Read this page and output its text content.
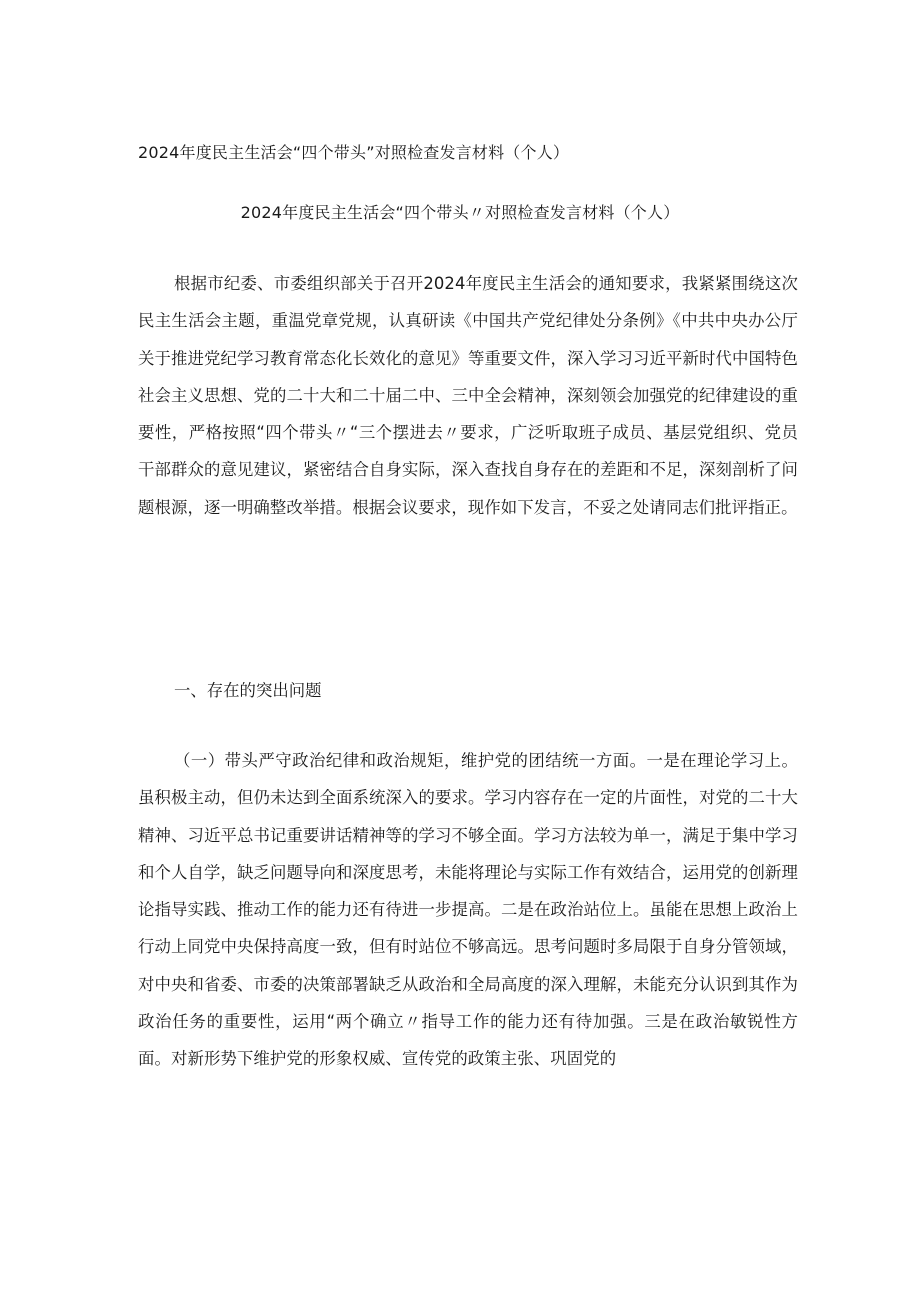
2024年度民主生活会“四个带头”对照检查发言材料（个人）
2024年度民主生活会“四个带头〃对照检查发言材料（个人）

根据市纪委、市委组织部关于召开2024年度民主生活会的通知要求，我紧紧围绕这次民主生活会主题，重温党章党规，认真研读《中国共产党纪律处分条例》《中共中央办公厅关于推进党纪学习教育常态化长效化的意见》等重要文件，深入学习习近平新时代中国特色社会主义思想、党的二十大和二十届二中、三中全会精神，深刻领会加强党的纪律建设的重要性，严格按照“四个带头〃“三个摆进去〃要求，广泛听取班子成员、基层党组织、党员干部群众的意见建议，紧密结合自身实际，深入查找自身存在的差距和不足，深刻剖析了问题根源，逐一明确整改举措。根据会议要求，现作如下发言，不妥之处请同志们批评指正。

一、存在的突出问题

（一）带头严守政治纪律和政治规矩，维护党的团结统一方面。一是在理论学习上。虽积极主动，但仍未达到全面系统深入的要求。学习内容存在一定的片面性，对党的二十大精神、习近平总书记重要讲话精神等的学习不够全面。学习方法较为单一，满足于集中学习和个人自学，缺乏问题导向和深度思考，未能将理论与实际工作有效结合，运用党的创新理论指导实践、推动工作的能力还有待进一步提高。二是在政治站位上。虽能在思想上政治上行动上同党中央保持高度一致，但有时站位不够高远。思考问题时多局限于自身分管领域，对中央和省委、市委的决策部署缺乏从政治和全局高度的深入理解，未能充分认识到其作为政治任务的重要性，运用“两个确立〃指导工作的能力还有待加强。三是在政治敏锐性方面。对新形势下维护党的形象权威、宣传党的政策主张、巩固党的
